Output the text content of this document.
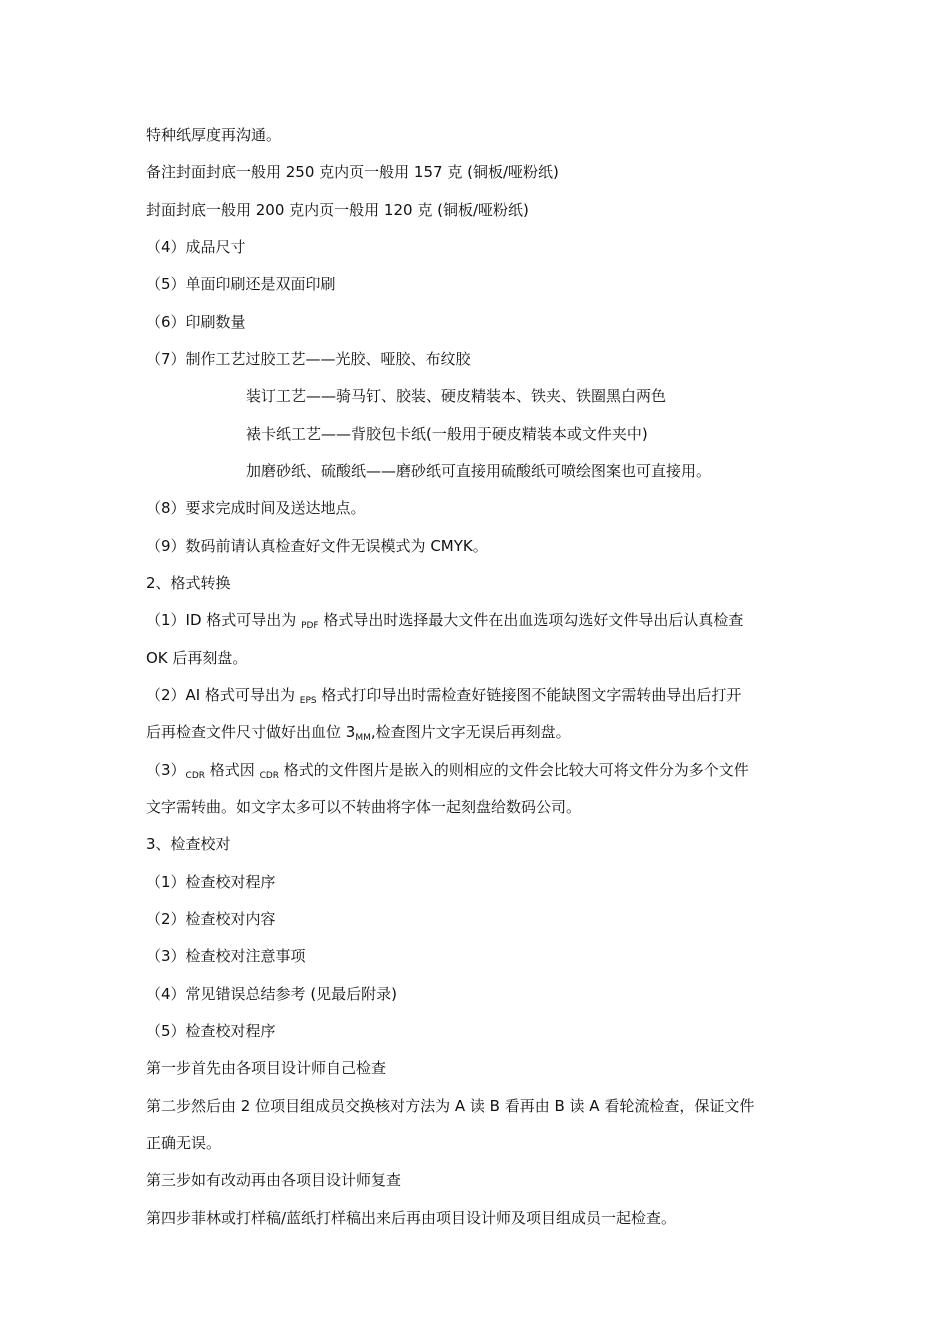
特种纸厚度再沟通。
备注封面封底一般用 250 克内页一般用 157 克 (铜板/哑粉纸)
封面封底一般用 200 克内页一般用 120 克 (铜板/哑粉纸)
（4）成品尺寸
（5）单面印刷还是双面印刷
（6）印刷数量
（7）制作工艺过胶工艺——光胶、哑胶、布纹胶
装订工艺——骑马钉、胶装、硬皮精装本、铁夹、铁圈黑白两色
裱卡纸工艺——背胶包卡纸(一般用于硬皮精装本或文件夹中)
加磨砂纸、硫酸纸——磨砂纸可直接用硫酸纸可喷绘图案也可直接用。
（8）要求完成时间及送达地点。
（9）数码前请认真检查好文件无误模式为 CMYK。
2、格式转换
（1）ID 格式可导出为 $_{PDF}$ 格式导出时选择最大文件在出血选项勾选好文件导出后认真检查
OK 后再刻盘。
（2）AI 格式可导出为 $_{EPS}$ 格式打印导出时需检查好链接图不能缺图文字需转曲导出后打开
后再检查文件尺寸做好出血位 $3_{MM}$,检查图片文字无误后再刻盘。
$(3)_{CDR}$ 格式因 $_{CDR}$ 格式的文件图片是嵌入的则相应的文件会比较大可将文件分为多个文件
文字需转曲。如文字太多可以不转曲将字体一起刻盘给数码公司。
3、检查校对
（1）检查校对程序
（2）检查校对内容
（3）检查校对注意事项
（4）常见错误总结参考 (见最后附录)
（5）检查校对程序
第一步首先由各项目设计师自己检查
第二步然后由 2 位项目组成员交换核对方法为 A 读 B 看再由 B 读 A 看轮流检查，保证文件
正确无误。
第三步如有改动再由各项目设计师复查
第四步菲林或打样稿/蓝纸打样稿出来后再由项目设计师及项目组成员一起检查。
